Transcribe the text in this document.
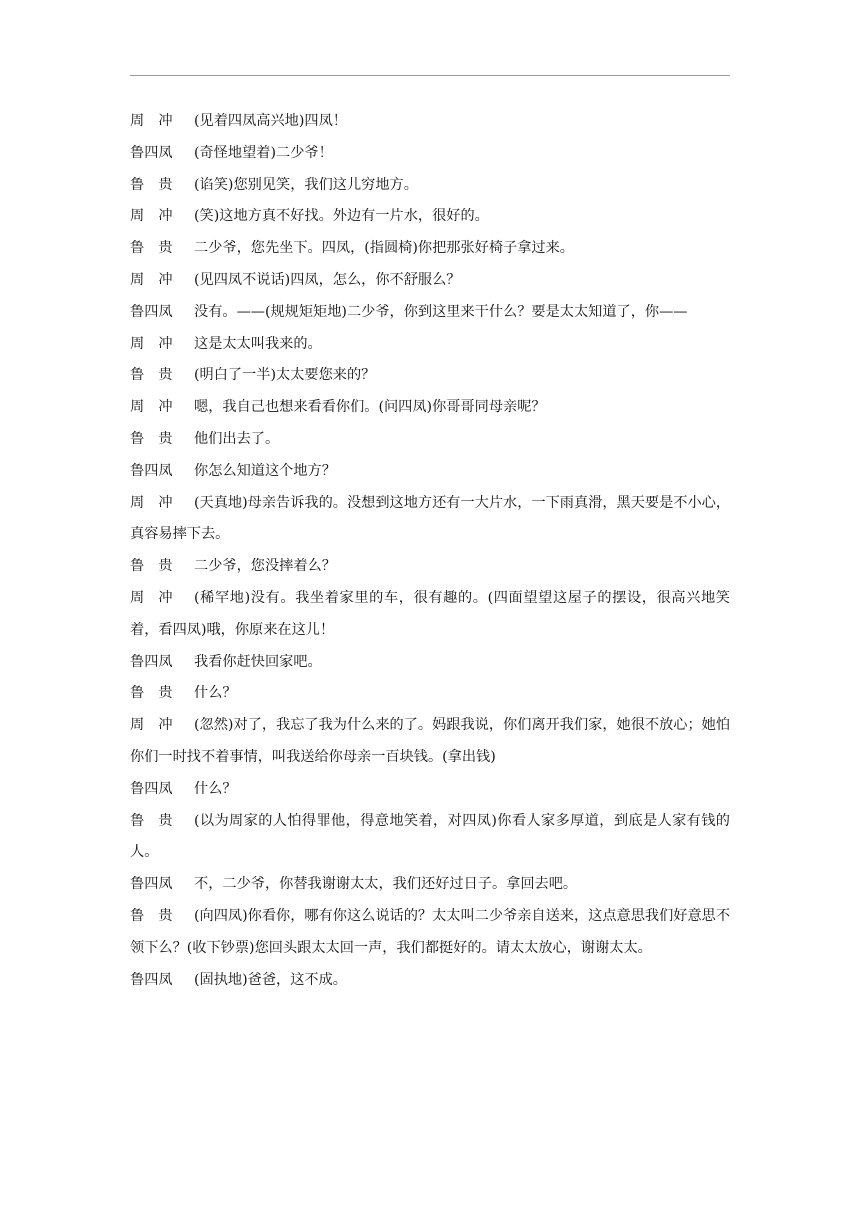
周　冲 (见着四凤高兴地)四凤！

鲁四凤 (奇怪地望着)二少爷！

鲁　贵 (谄笑)您别见笑，我们这儿穷地方。

周　冲 (笑)这地方真不好找。外边有一片水，很好的。

鲁　贵 二少爷，您先坐下。四凤，(指圆椅)你把那张好椅子拿过来。

周　冲 (见四凤不说话)四凤，怎么，你不舒服么？

鲁四凤 没有。——(规规矩矩地)二少爷，你到这里来干什么？要是太太知道了，你——

周　冲 这是太太叫我来的。

鲁　贵 (明白了一半)太太要您来的？

周　冲 嗯，我自己也想来看看你们。(问四凤)你哥哥同母亲呢？

鲁　贵 他们出去了。

鲁四凤 你怎么知道这个地方？

周　冲 (天真地)母亲告诉我的。没想到这地方还有一大片水，一下雨真滑，黑天要是不小心，真容易摔下去。

鲁　贵 二少爷，您没摔着么？

周　冲 (稀罕地)没有。我坐着家里的车，很有趣的。(四面望望这屋子的摆设，很高兴地笑着，看四凤)哦，你原来在这儿！

鲁四凤 我看你赶快回家吧。

鲁　贵 什么？

周　冲 (忽然)对了，我忘了我为什么来的了。妈跟我说，你们离开我们家，她很不放心；她怕你们一时找不着事情，叫我送给你母亲一百块钱。(拿出钱)

鲁四凤 什么？

鲁　贵 (以为周家的人怕得罪他，得意地笑着，对四凤)你看人家多厚道，到底是人家有钱的人。

鲁四凤 不，二少爷，你替我谢谢太太，我们还好过日子。拿回去吧。

鲁　贵 (向四凤)你看你，哪有你这么说话的？太太叫二少爷亲自送来，这点意思我们好意思不领下么？(收下钞票)您回头跟太太回一声，我们都挺好的。请太太放心，谢谢太太。

鲁四凤 (固执地)爸爸，这不成。
